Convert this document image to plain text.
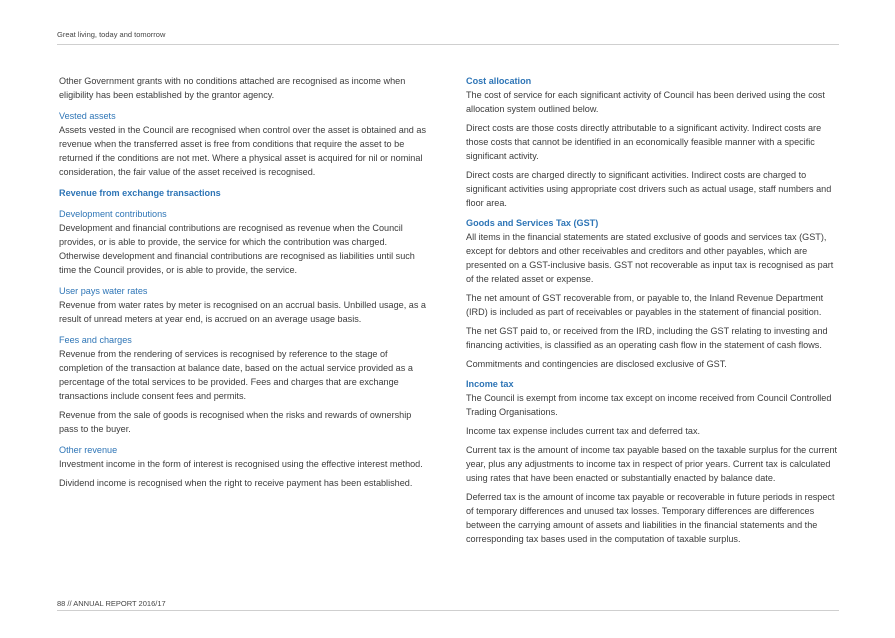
Great living, today and tomorrow

Other Government grants with no conditions attached are recognised as income when eligibility has been established by the grantor agency.

Vested assets

Assets vested in the Council are recognised when control over the asset is obtained and as revenue when the transferred asset is free from conditions that require the asset to be returned if the conditions are not met. Where a physical asset is acquired for nil or nominal consideration, the fair value of the asset received is recognised.

Revenue from exchange transactions
Development contributions

Development and financial contributions are recognised as revenue when the Council provides, or is able to provide, the service for which the contribution was charged. Otherwise development and financial contributions are recognised as liabilities until such time the Council provides, or is able to provide, the service.

User pays water rates

Revenue from water rates by meter is recognised on an accrual basis. Unbilled usage, as a result of unread meters at year end, is accrued on an average usage basis.

Fees and charges

Revenue from the rendering of services is recognised by reference to the stage of completion of the transaction at balance date, based on the actual service provided as a percentage of the total services to be provided. Fees and charges that are exchange transactions include consent fees and permits.

Revenue from the sale of goods is recognised when the risks and rewards of ownership pass to the buyer.

Other revenue

Investment income in the form of interest is recognised using the effective interest method.

Dividend income is recognised when the right to receive payment has been established.

Cost allocation

The cost of service for each significant activity of Council has been derived using the cost allocation system outlined below.

Direct costs are those costs directly attributable to a significant activity. Indirect costs are those costs that cannot be identified in an economically feasible manner with a specific significant activity.

Direct costs are charged directly to significant activities. Indirect costs are charged to significant activities using appropriate cost drivers such as actual usage, staff numbers and floor area.

Goods and Services Tax (GST)

All items in the financial statements are stated exclusive of goods and services tax (GST), except for debtors and other receivables and creditors and other payables, which are presented on a GST-inclusive basis. GST not recoverable as input tax is recognised as part of the related asset or expense.

The net amount of GST recoverable from, or payable to, the Inland Revenue Department (IRD) is included as part of receivables or payables in the statement of financial position.

The net GST paid to, or received from the IRD, including the GST relating to investing and financing activities, is classified as an operating cash flow in the statement of cash flows.

Commitments and contingencies are disclosed exclusive of GST.

Income tax

The Council is exempt from income tax except on income received from Council Controlled Trading Organisations.

Income tax expense includes current tax and deferred tax.

Current tax is the amount of income tax payable based on the taxable surplus for the current year, plus any adjustments to income tax in respect of prior years. Current tax is calculated using rates that have been enacted or substantially enacted by balance date.

Deferred tax is the amount of income tax payable or recoverable in future periods in respect of temporary differences and unused tax losses. Temporary differences are differences between the carrying amount of assets and liabilities in the financial statements and the corresponding tax bases used in the computation of taxable surplus.

88 // ANNUAL REPORT 2016/17
